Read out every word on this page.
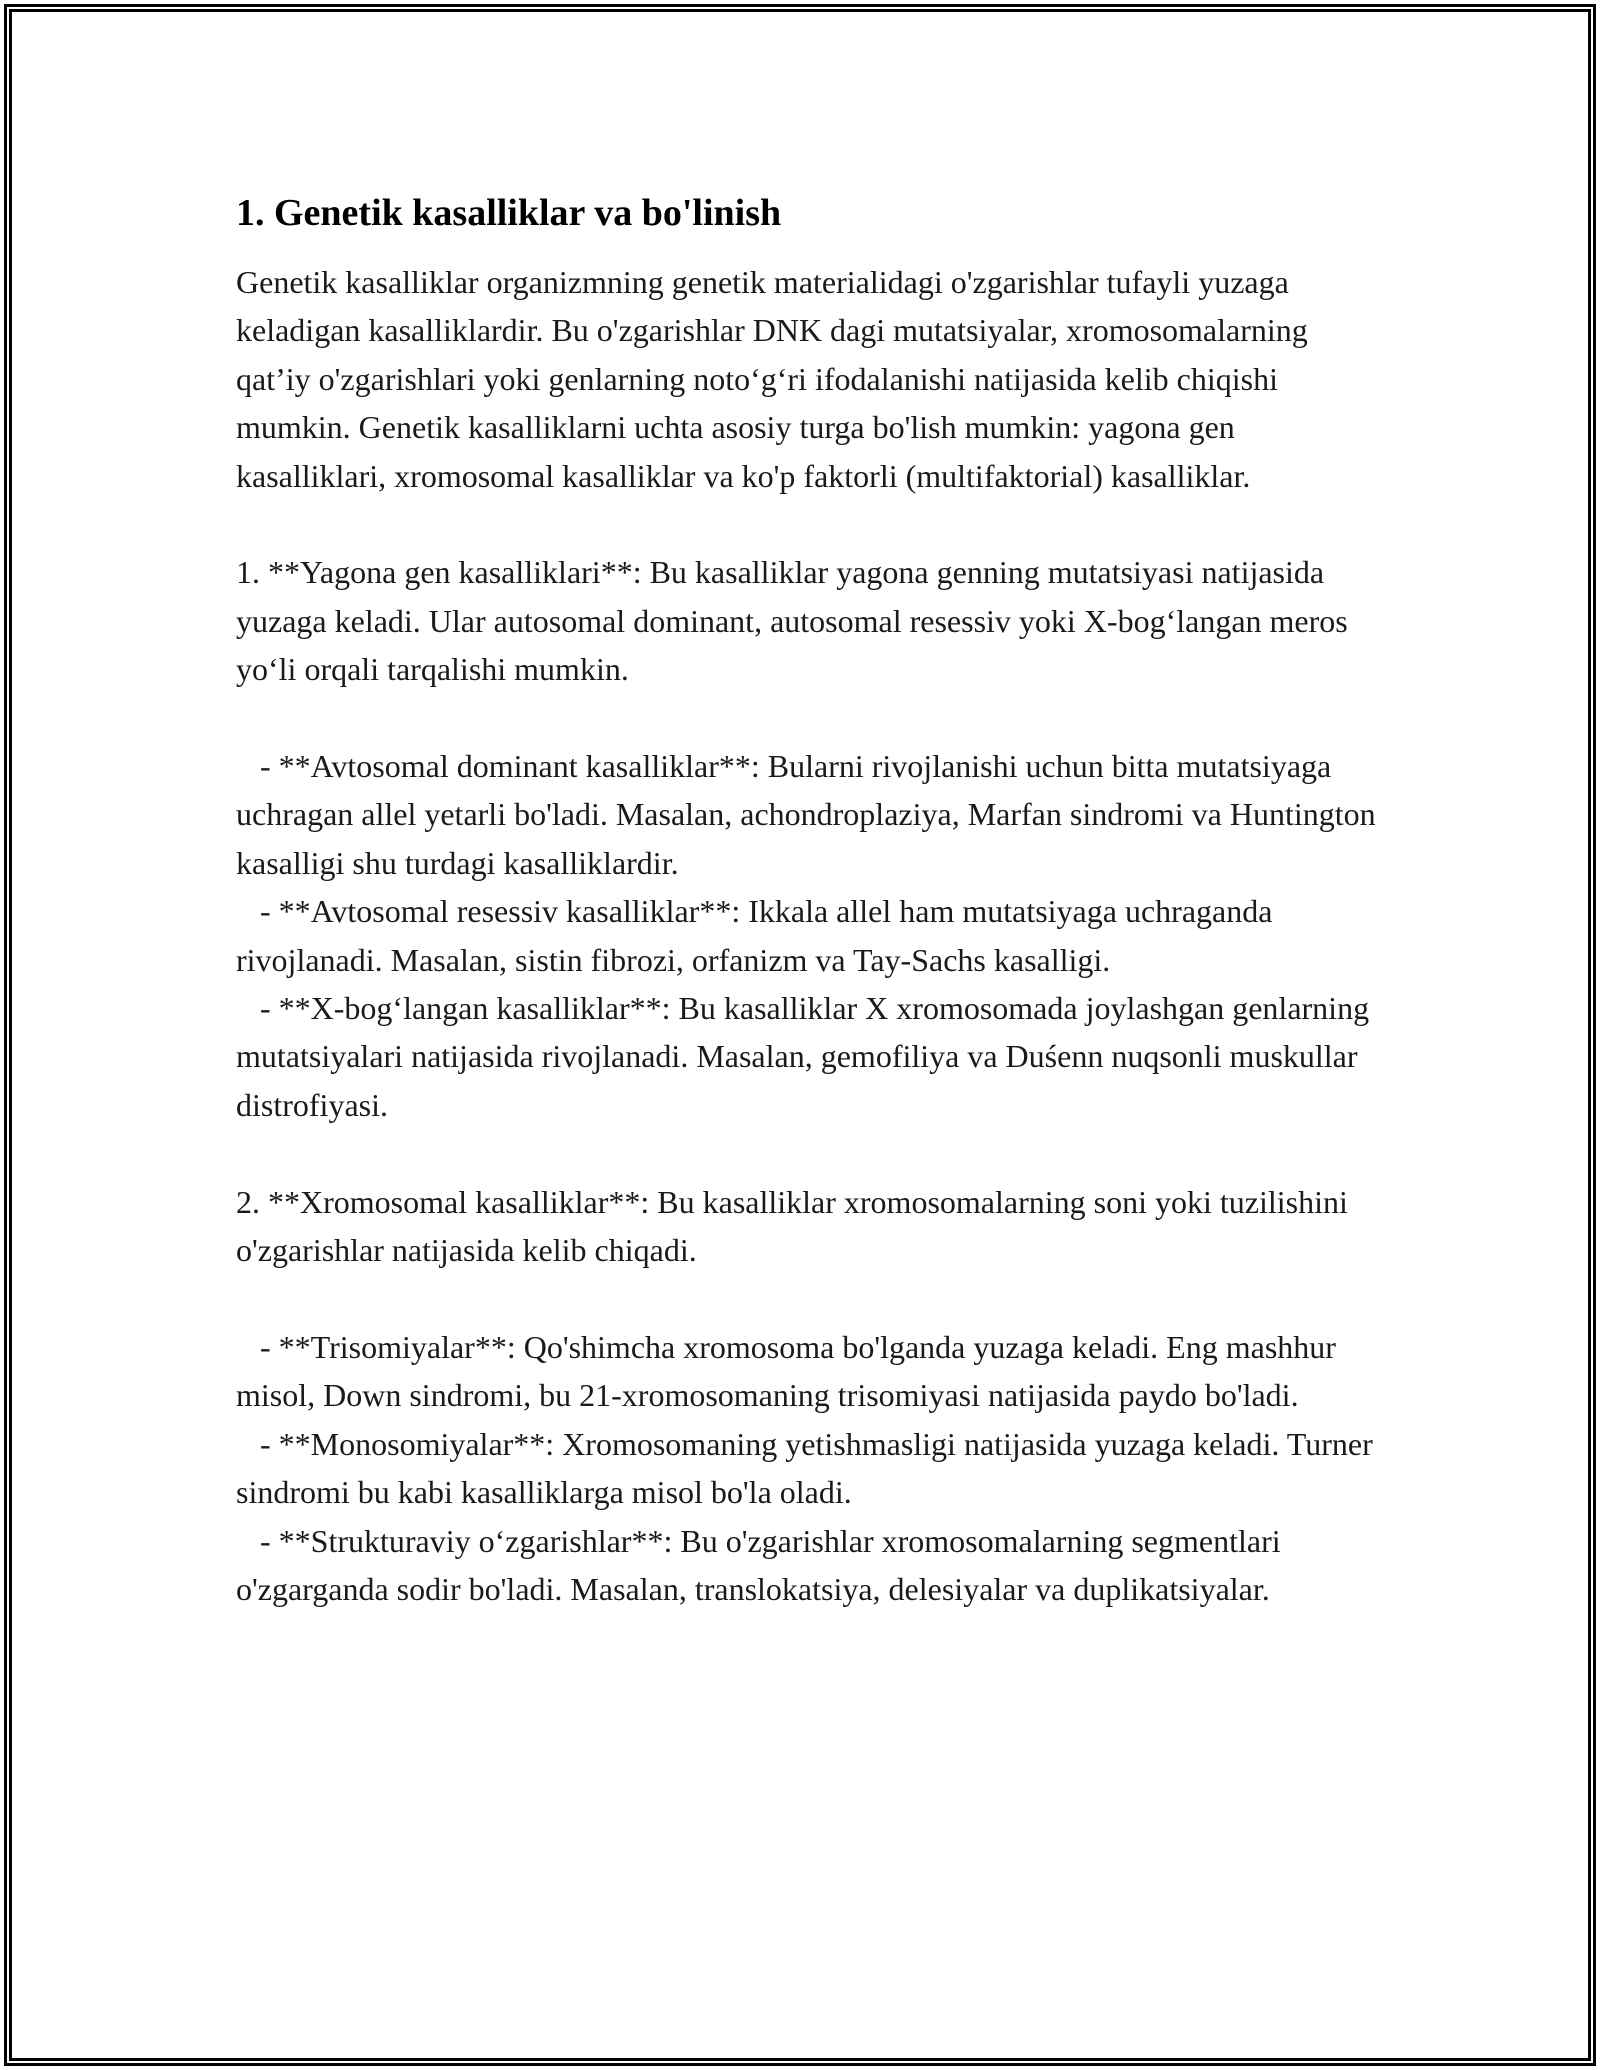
1. Genetik kasalliklar va bo'linish

Genetik kasalliklar organizmning genetik materialidagi o'zgarishlar tufayli yuzaga keladigan kasalliklardir. Bu o'zgarishlar DNK dagi mutatsiyalar, xromosomalarning qat’iy o'zgarishlari yoki genlarning noto‘g‘ri ifodalanishi natijasida kelib chiqishi mumkin. Genetik kasalliklarni uchta asosiy turga bo'lish mumkin: yagona gen kasalliklari, xromosomal kasalliklar va ko'p faktorli (multifaktorial) kasalliklar.

1. **Yagona gen kasalliklari**: Bu kasalliklar yagona genning mutatsiyasi natijasida yuzaga keladi. Ular autosomal dominant, autosomal resessiv yoki X-bog‘langan meros yo‘li orqali tarqalishi mumkin.

- **Avtosomal dominant kasalliklar**: Bularni rivojlanishi uchun bitta mutatsiyaga uchragan allel yetarli bo'ladi. Masalan, achondroplaziya, Marfan sindromi va Huntington kasalligi shu turdagi kasalliklardir.

- **Avtosomal resessiv kasalliklar**: Ikkala allel ham mutatsiyaga uchraganda rivojlanadi. Masalan, sistin fibrozi, orfanizm va Tay-Sachs kasalligi.

- **X-bog‘langan kasalliklar**: Bu kasalliklar X xromosomada joylashgan genlarning mutatsiyalari natijasida rivojlanadi. Masalan, gemofiliya va Duśenn nuqsonli muskullar distrofiyasi.

2. **Xromosomal kasalliklar**: Bu kasalliklar xromosomalarning soni yoki tuzilishini o'zgarishlar natijasida kelib chiqadi.

- **Trisomiyalar**: Qo'shimcha xromosoma bo'lganda yuzaga keladi. Eng mashhur misol, Down sindromi, bu 21-xromosomaning trisomiyasi natijasida paydo bo'ladi.

- **Monosomiyalar**: Xromosomaning yetishmasligi natijasida yuzaga keladi. Turner sindromi bu kabi kasalliklarga misol bo'la oladi.

- **Strukturaviy o‘zgarishlar**: Bu o'zgarishlar xromosomalarning segmentlari o'zgarganda sodir bo'ladi. Masalan, translokatsiya, delesiyalar va duplikatsiyalar.
